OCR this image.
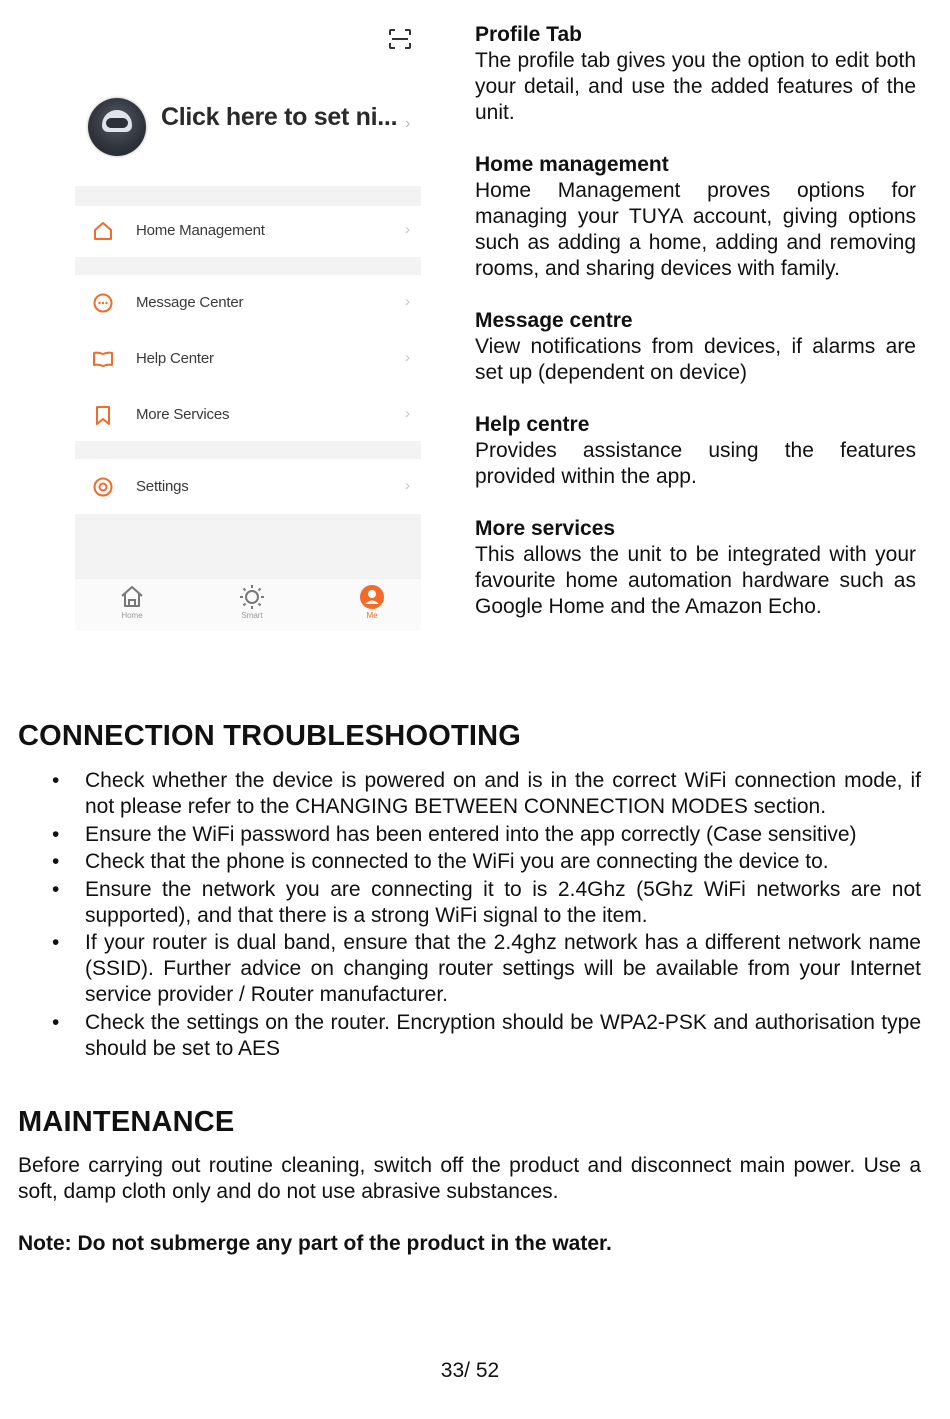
Click here to set ni... ›
Home Management	›
Message Center	›
Help Center	›
More Services	›
Settings	›
Home	Smart	Me
Profile Tab

The profile tab gives you the option to edit both your detail, and use the added features of the unit.

Home management

Home Management proves options for managing your TUYA account, giving options such as adding a home, adding and removing rooms, and sharing devices with family.

Message centre

View notifications from devices, if alarms are set up (dependent on device)

Help centre

Provides assistance using the features provided within the app.

More services

This allows the unit to be integrated with your favourite home automation hardware such as Google Home and the Amazon Echo.

CONNECTION TROUBLESHOOTING
• Check whether the device is powered on and is in the correct WiFi connection mode, if not please refer to the CHANGING BETWEEN CONNECTION MODES section.
• Ensure the WiFi password has been entered into the app correctly (Case sensitive)
• Check that the phone is connected to the WiFi you are connecting the device to.
• Ensure the network you are connecting it to is 2.4Ghz (5Ghz WiFi networks are not supported), and that there is a strong WiFi signal to the item.
• If your router is dual band, ensure that the 2.4ghz network has a different network name (SSID). Further advice on changing router settings will be available from your Internet service provider / Router manufacturer.
• Check the settings on the router. Encryption should be WPA2-PSK and authorisation type should be set to AES
MAINTENANCE

Before carrying out routine cleaning, switch off the product and disconnect main power. Use a soft, damp cloth only and do not use abrasive substances.

Note: Do not submerge any part of the product in the water.

33/ 52
